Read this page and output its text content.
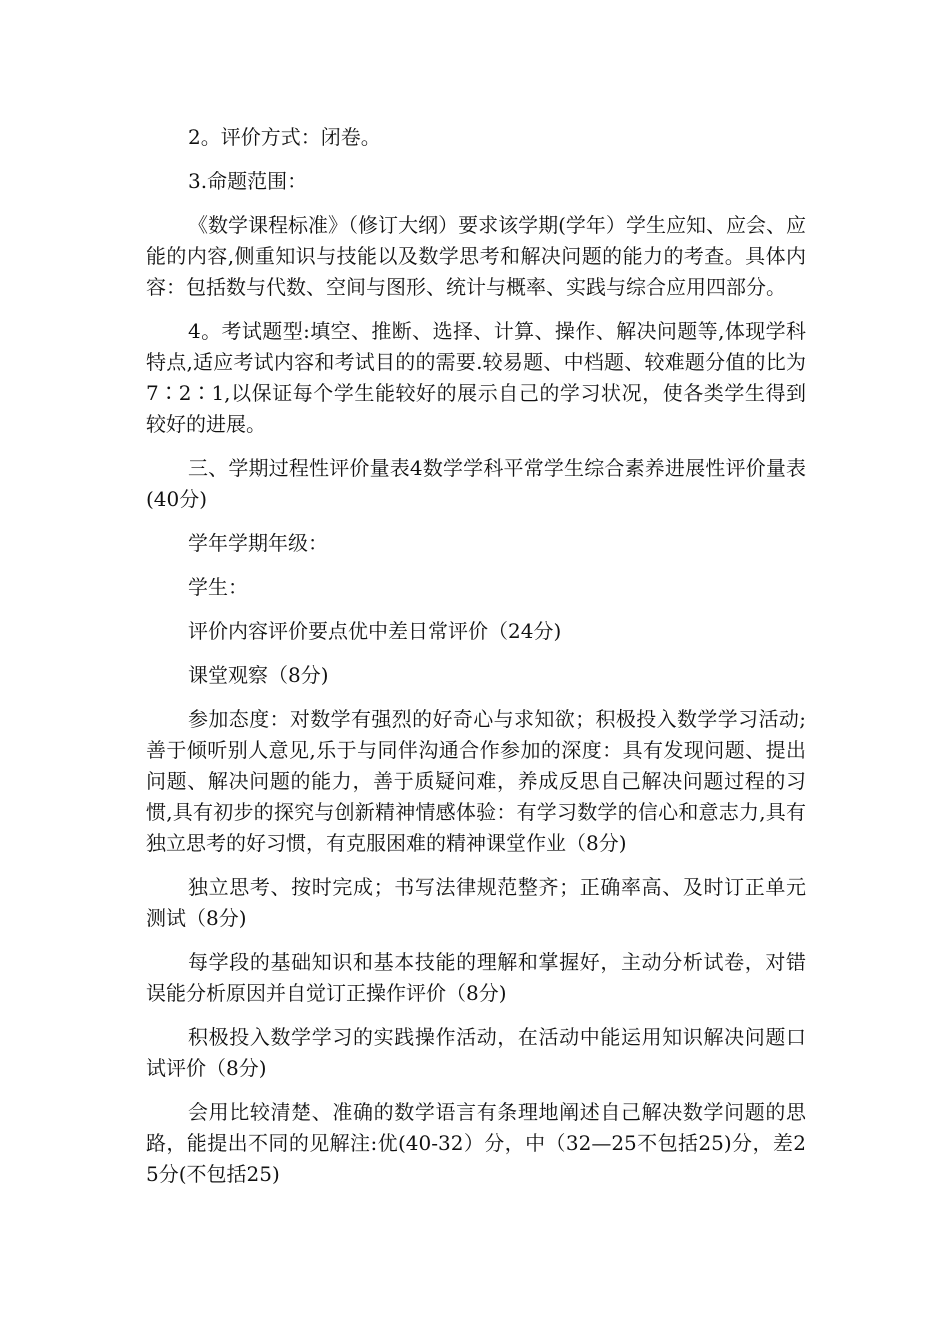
2。评价方式：闭卷。

3.命题范围：

《数学课程标准》（修订大纲）要求该学期(学年）学生应知、应会、应能的内容,侧重知识与技能以及数学思考和解决问题的能力的考查。具体内容：包括数与代数、空间与图形、统计与概率、实践与综合应用四部分。

4。考试题型:填空、推断、选择、计算、操作、解决问题等,体现学科特点,适应考试内容和考试目的的需要.较易题、中档题、较难题分值的比为7∶2∶1,以保证每个学生能较好的展示自己的学习状况，使各类学生得到较好的进展。

三、学期过程性评价量表4数学学科平常学生综合素养进展性评价量表(40分)

学年学期年级：

学生：

评价内容评价要点优中差日常评价（24分)

课堂观察（8分)

参加态度：对数学有强烈的好奇心与求知欲；积极投入数学学习活动;善于倾听别人意见,乐于与同伴沟通合作参加的深度：具有发现问题、提出问题、解决问题的能力，善于质疑问难，养成反思自己解决问题过程的习惯,具有初步的探究与创新精神情感体验：有学习数学的信心和意志力,具有独立思考的好习惯，有克服困难的精神课堂作业（8分)

独立思考、按时完成；书写法律规范整齐；正确率高、及时订正单元测试（8分)

每学段的基础知识和基本技能的理解和掌握好，主动分析试卷，对错误能分析原因并自觉订正操作评价（8分)

积极投入数学学习的实践操作活动，在活动中能运用知识解决问题口试评价（8分)

会用比较清楚、准确的数学语言有条理地阐述自己解决数学问题的思路，能提出不同的见解注:优(40-32）分，中（32—25不包括25)分，差25分(不包括25)
